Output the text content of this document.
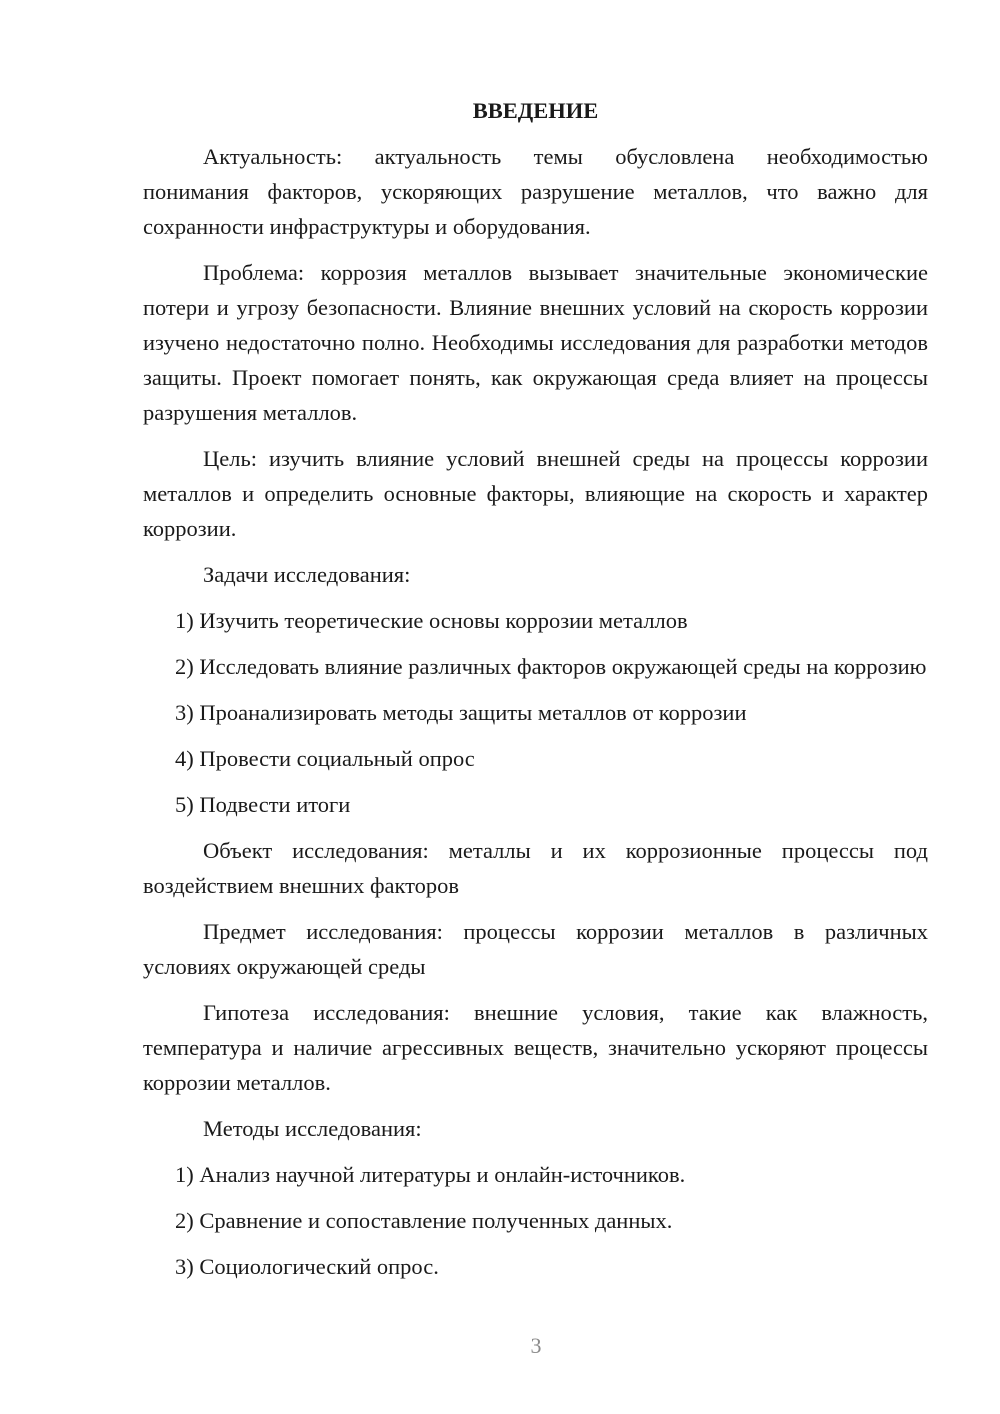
ВВЕДЕНИЕ

Актуальность: актуальность темы обусловлена необходимостью понимания факторов, ускоряющих разрушение металлов, что важно для сохранности инфраструктуры и оборудования.

Проблема: коррозия металлов вызывает значительные экономические потери и угрозу безопасности. Влияние внешних условий на скорость коррозии изучено недостаточно полно. Необходимы исследования для разработки методов защиты. Проект помогает понять, как окружающая среда влияет на процессы разрушения металлов.

Цель: изучить влияние условий внешней среды на процессы коррозии металлов и определить основные факторы, влияющие на скорость и характер коррозии.

Задачи исследования:

1) Изучить теоретические основы коррозии металлов

2) Исследовать влияние различных факторов окружающей среды на коррозию

3) Проанализировать методы защиты металлов от коррозии

4) Провести социальный опрос

5) Подвести итоги

Объект исследования: металлы и их коррозионные процессы под воздействием внешних факторов

Предмет исследования: процессы коррозии металлов в различных условиях окружающей среды

Гипотеза исследования: внешние условия, такие как влажность, температура и наличие агрессивных веществ, значительно ускоряют процессы коррозии металлов.

Методы исследования:

1) Анализ научной литературы и онлайн-источников.

2) Сравнение и сопоставление полученных данных.

3) Социологический опрос.

3
